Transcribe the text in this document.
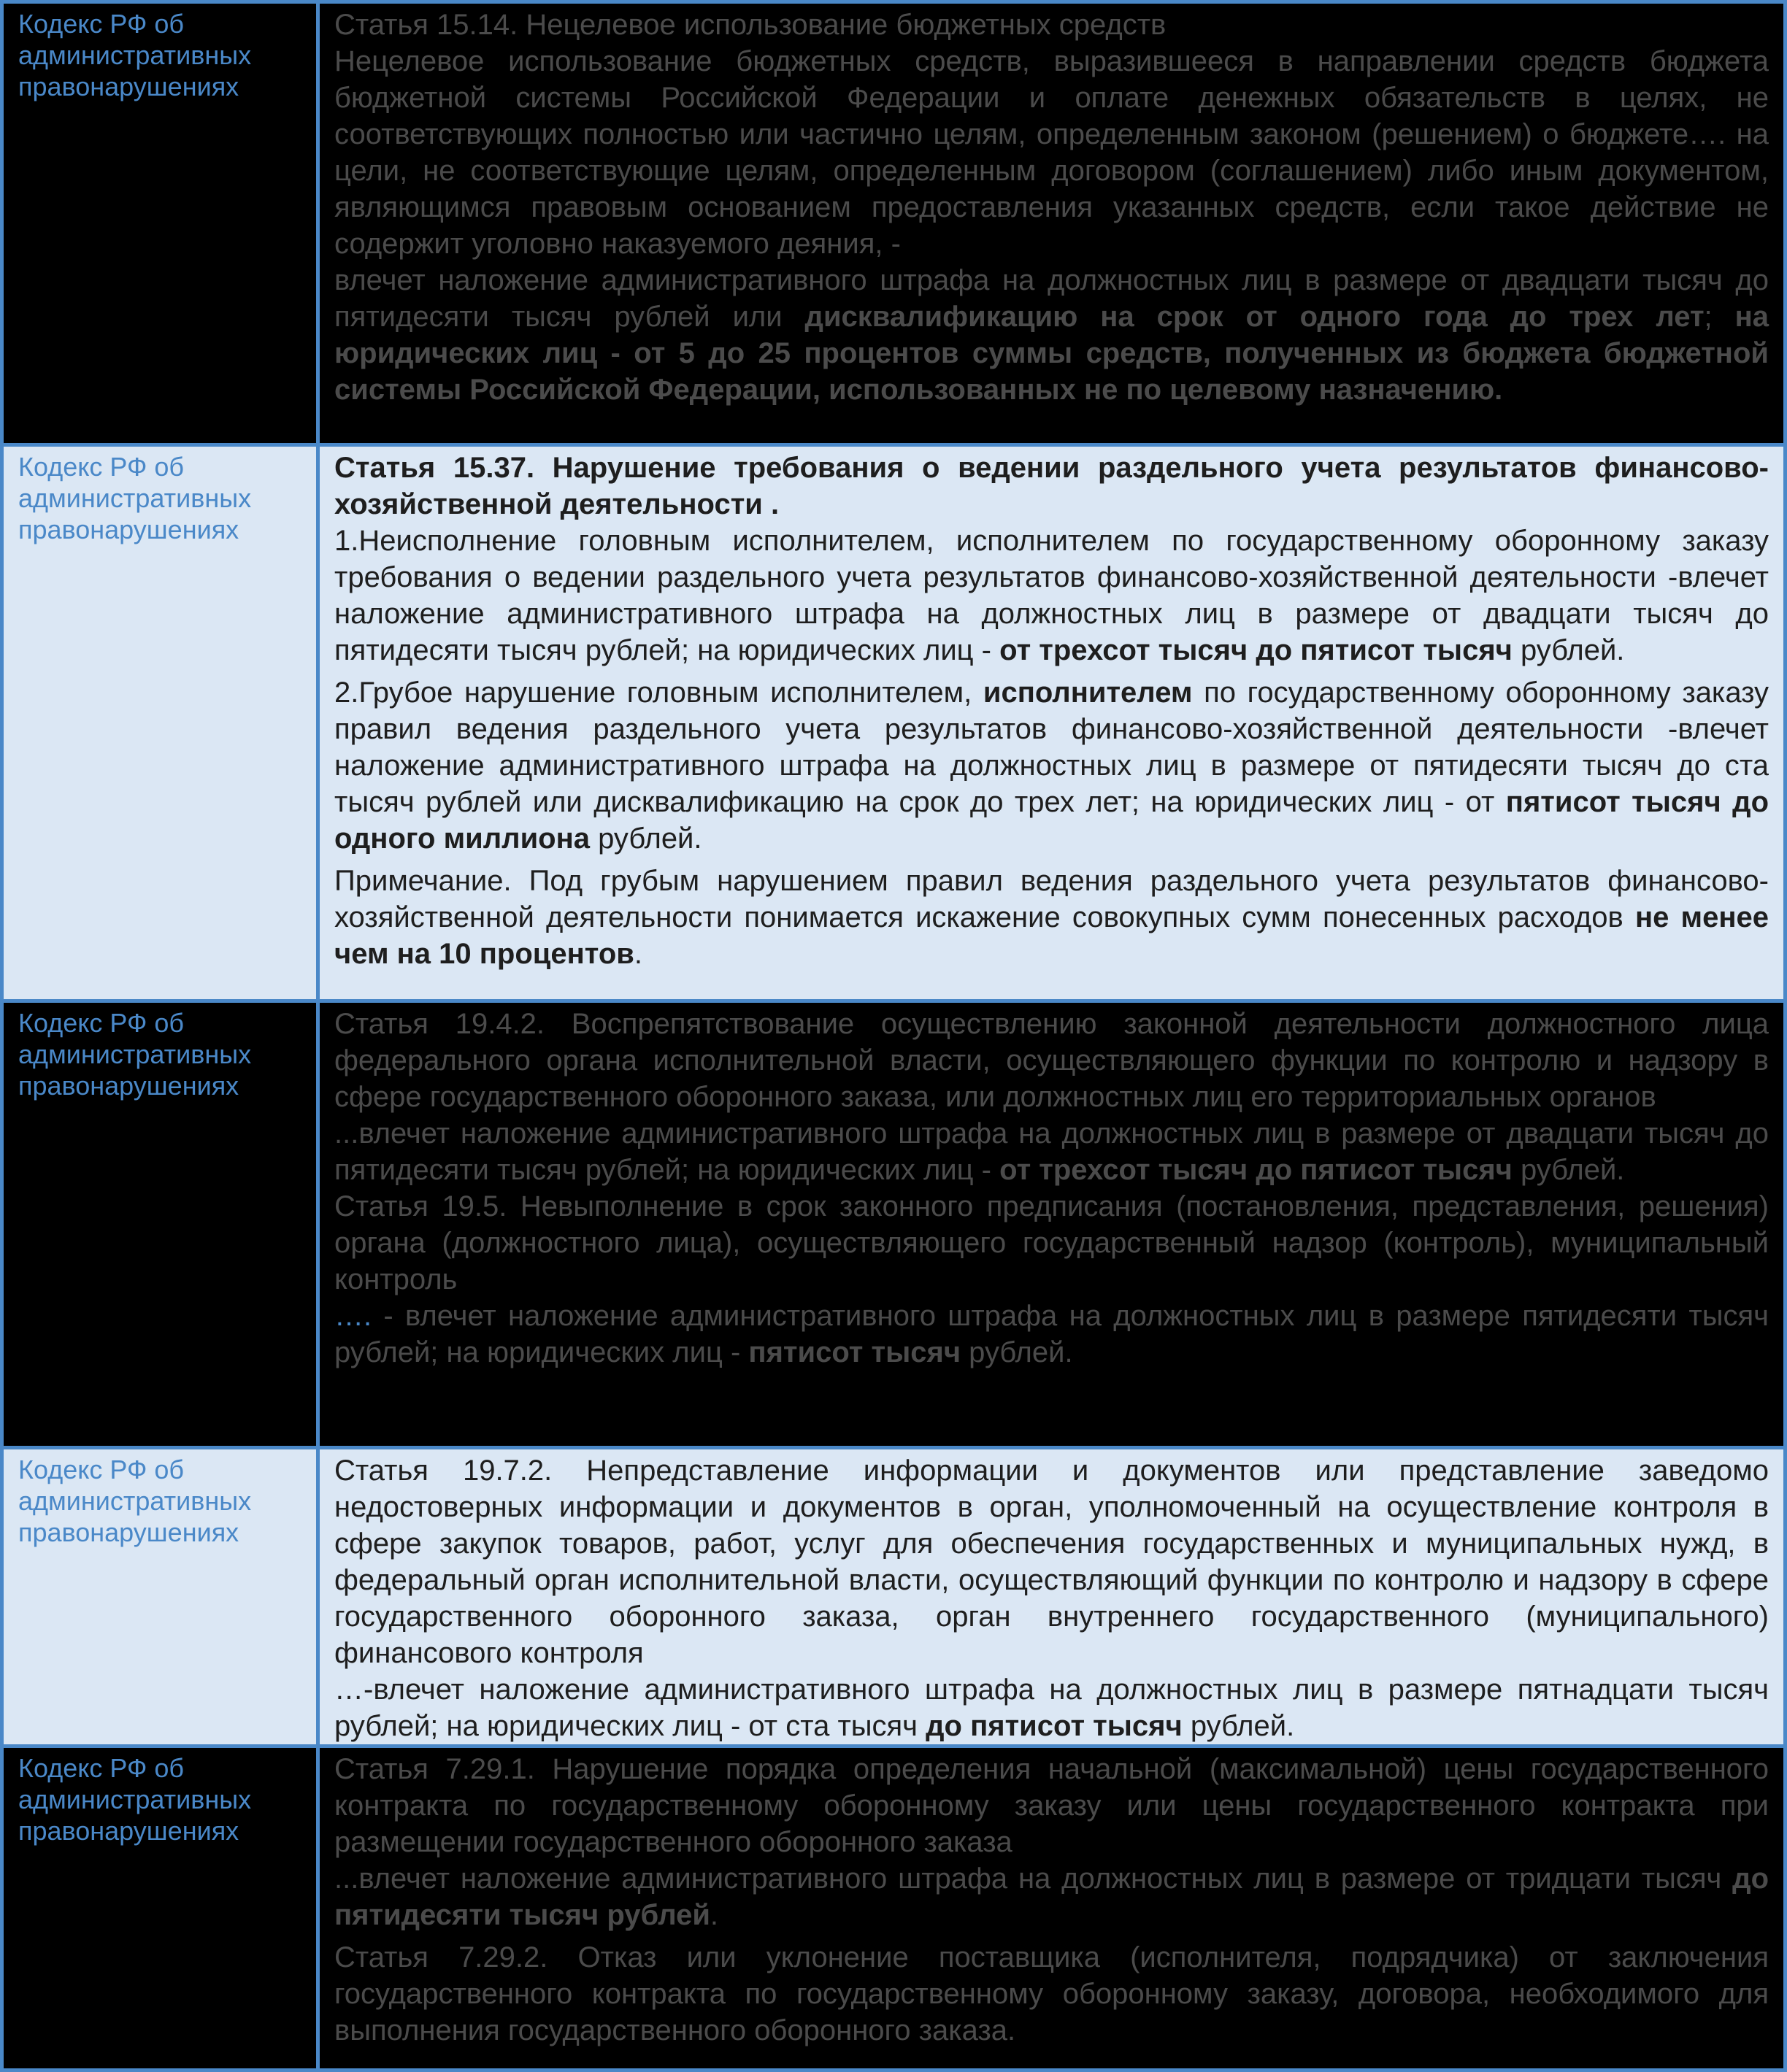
Кодекс РФ об административных правонарушениях	Статья 15.14. Нецелевое использование бюджетных средств

Нецелевое использование бюджетных средств, выразившееся в направлении средств бюджета бюджетной системы Российской Федерации и оплате денежных обязательств в целях, не соответствующих полностью или частично целям, определенным законом (решением) о бюджете…. на цели, не соответствующие целям, определенным договором (соглашением) либо иным документом, являющимся правовым основанием предоставления указанных средств, если такое действие не содержит уголовно наказуемого деяния, -

влечет наложение административного штрафа на должностных лиц в размере от двадцати тысяч до пятидесяти тысяч рублей или дисквалификацию на срок от одного года до трех лет; на юридических лиц - от 5 до 25 процентов суммы средств, полученных из бюджета бюджетной системы Российской Федерации, использованных не по целевому назначению.

Кодекс РФ об административных правонарушениях	Статья 15.37. Нарушение требования о ведении раздельного учета результатов финансово-хозяйственной деятельности .

1.Неисполнение головным исполнителем, исполнителем по государственному оборонному заказу требования о ведении раздельного учета результатов финансово-хозяйственной деятельности -влечет наложение административного штрафа на должностных лиц в размере от двадцати тысяч до пятидесяти тысяч рублей; на юридических лиц - от трехсот тысяч до пятисот тысяч рублей.

2.Грубое нарушение головным исполнителем, исполнителем по государственному оборонному заказу правил ведения раздельного учета результатов финансово-хозяйственной деятельности -влечет наложение административного штрафа на должностных лиц в размере от пятидесяти тысяч до ста тысяч рублей или дисквалификацию на срок до трех лет; на юридических лиц - от пятисот тысяч до одного миллиона рублей.

Примечание. Под грубым нарушением правил ведения раздельного учета результатов финансово-хозяйственной деятельности понимается искажение совокупных сумм понесенных расходов не менее чем на 10 процентов.

Кодекс РФ об административных правонарушениях	Статья 19.4.2. Воспрепятствование осуществлению законной деятельности должностного лица федерального органа исполнительной власти, осуществляющего функции по контролю и надзору в сфере государственного оборонного заказа, или должностных лиц его территориальных органов

...влечет наложение административного штрафа на должностных лиц в размере от двадцати тысяч до пятидесяти тысяч рублей; на юридических лиц - от трехсот тысяч до пятисот тысяч рублей.

Статья 19.5. Невыполнение в срок законного предписания (постановления, представления, решения) органа (должностного лица), осуществляющего государственный надзор (контроль), муниципальный контроль

…. - влечет наложение административного штрафа на должностных лиц в размере пятидесяти тысяч рублей; на юридических лиц - пятисот тысяч рублей.

Кодекс РФ об административных правонарушениях	Статья 19.7.2. Непредставление информации и документов или представление заведомо недостоверных информации и документов в орган, уполномоченный на осуществление контроля в сфере закупок товаров, работ, услуг для обеспечения государственных и муниципальных нужд, в федеральный орган исполнительной власти, осуществляющий функции по контролю и надзору в сфере государственного оборонного заказа, орган внутреннего государственного (муниципального) финансового контроля

…-влечет наложение административного штрафа на должностных лиц в размере пятнадцати тысяч рублей; на юридических лиц - от ста тысяч до пятисот тысяч рублей.

Кодекс РФ об административных правонарушениях	Статья 7.29.1. Нарушение порядка определения начальной (максимальной) цены государственного контракта по государственному оборонному заказу или цены государственного контракта при размещении государственного оборонного заказа

...влечет наложение административного штрафа на должностных лиц в размере от тридцати тысяч до пятидесяти тысяч рублей.

Статья 7.29.2. Отказ или уклонение поставщика (исполнителя, подрядчика) от заключения государственного контракта по государственному оборонному заказу, договора, необходимого для выполнения государственного оборонного заказа.
